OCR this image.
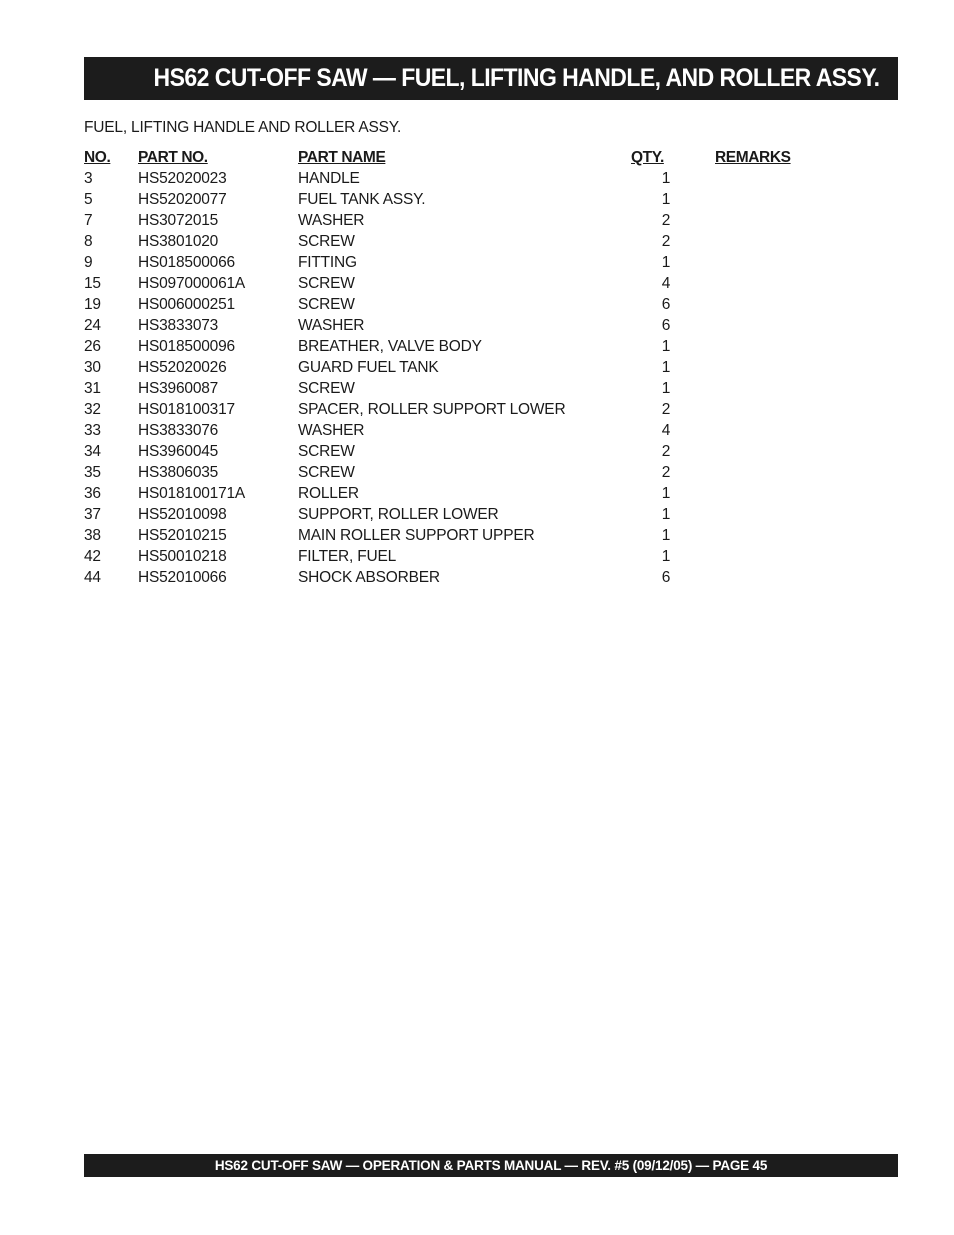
HS62 CUT-OFF SAW — FUEL, LIFTING HANDLE, AND ROLLER ASSY.
FUEL, LIFTING HANDLE AND ROLLER ASSY.
NO.	PART NO.	PART NAME	QTY.	REMARKS
3	HS52020023	HANDLE	1	
5	HS52020077	FUEL TANK ASSY.	1	
7	HS3072015	WASHER	2	
8	HS3801020	SCREW	2	
9	HS018500066	FITTING	1	
15	HS097000061A	SCREW	4	
19	HS006000251	SCREW	6	
24	HS3833073	WASHER	6	
26	HS018500096	BREATHER, VALVE BODY	1	
30	HS52020026	GUARD FUEL TANK	1	
31	HS3960087	SCREW	1	
32	HS018100317	SPACER, ROLLER SUPPORT LOWER	2	
33	HS3833076	WASHER	4	
34	HS3960045	SCREW	2	
35	HS3806035	SCREW	2	
36	HS018100171A	ROLLER	1	
37	HS52010098	SUPPORT, ROLLER LOWER	1	
38	HS52010215	MAIN ROLLER SUPPORT UPPER	1	
42	HS50010218	FILTER, FUEL	1	
44	HS52010066	SHOCK ABSORBER	6	
HS62 CUT-OFF SAW — OPERATION & PARTS MANUAL — REV. #5 (09/12/05) — PAGE 45
